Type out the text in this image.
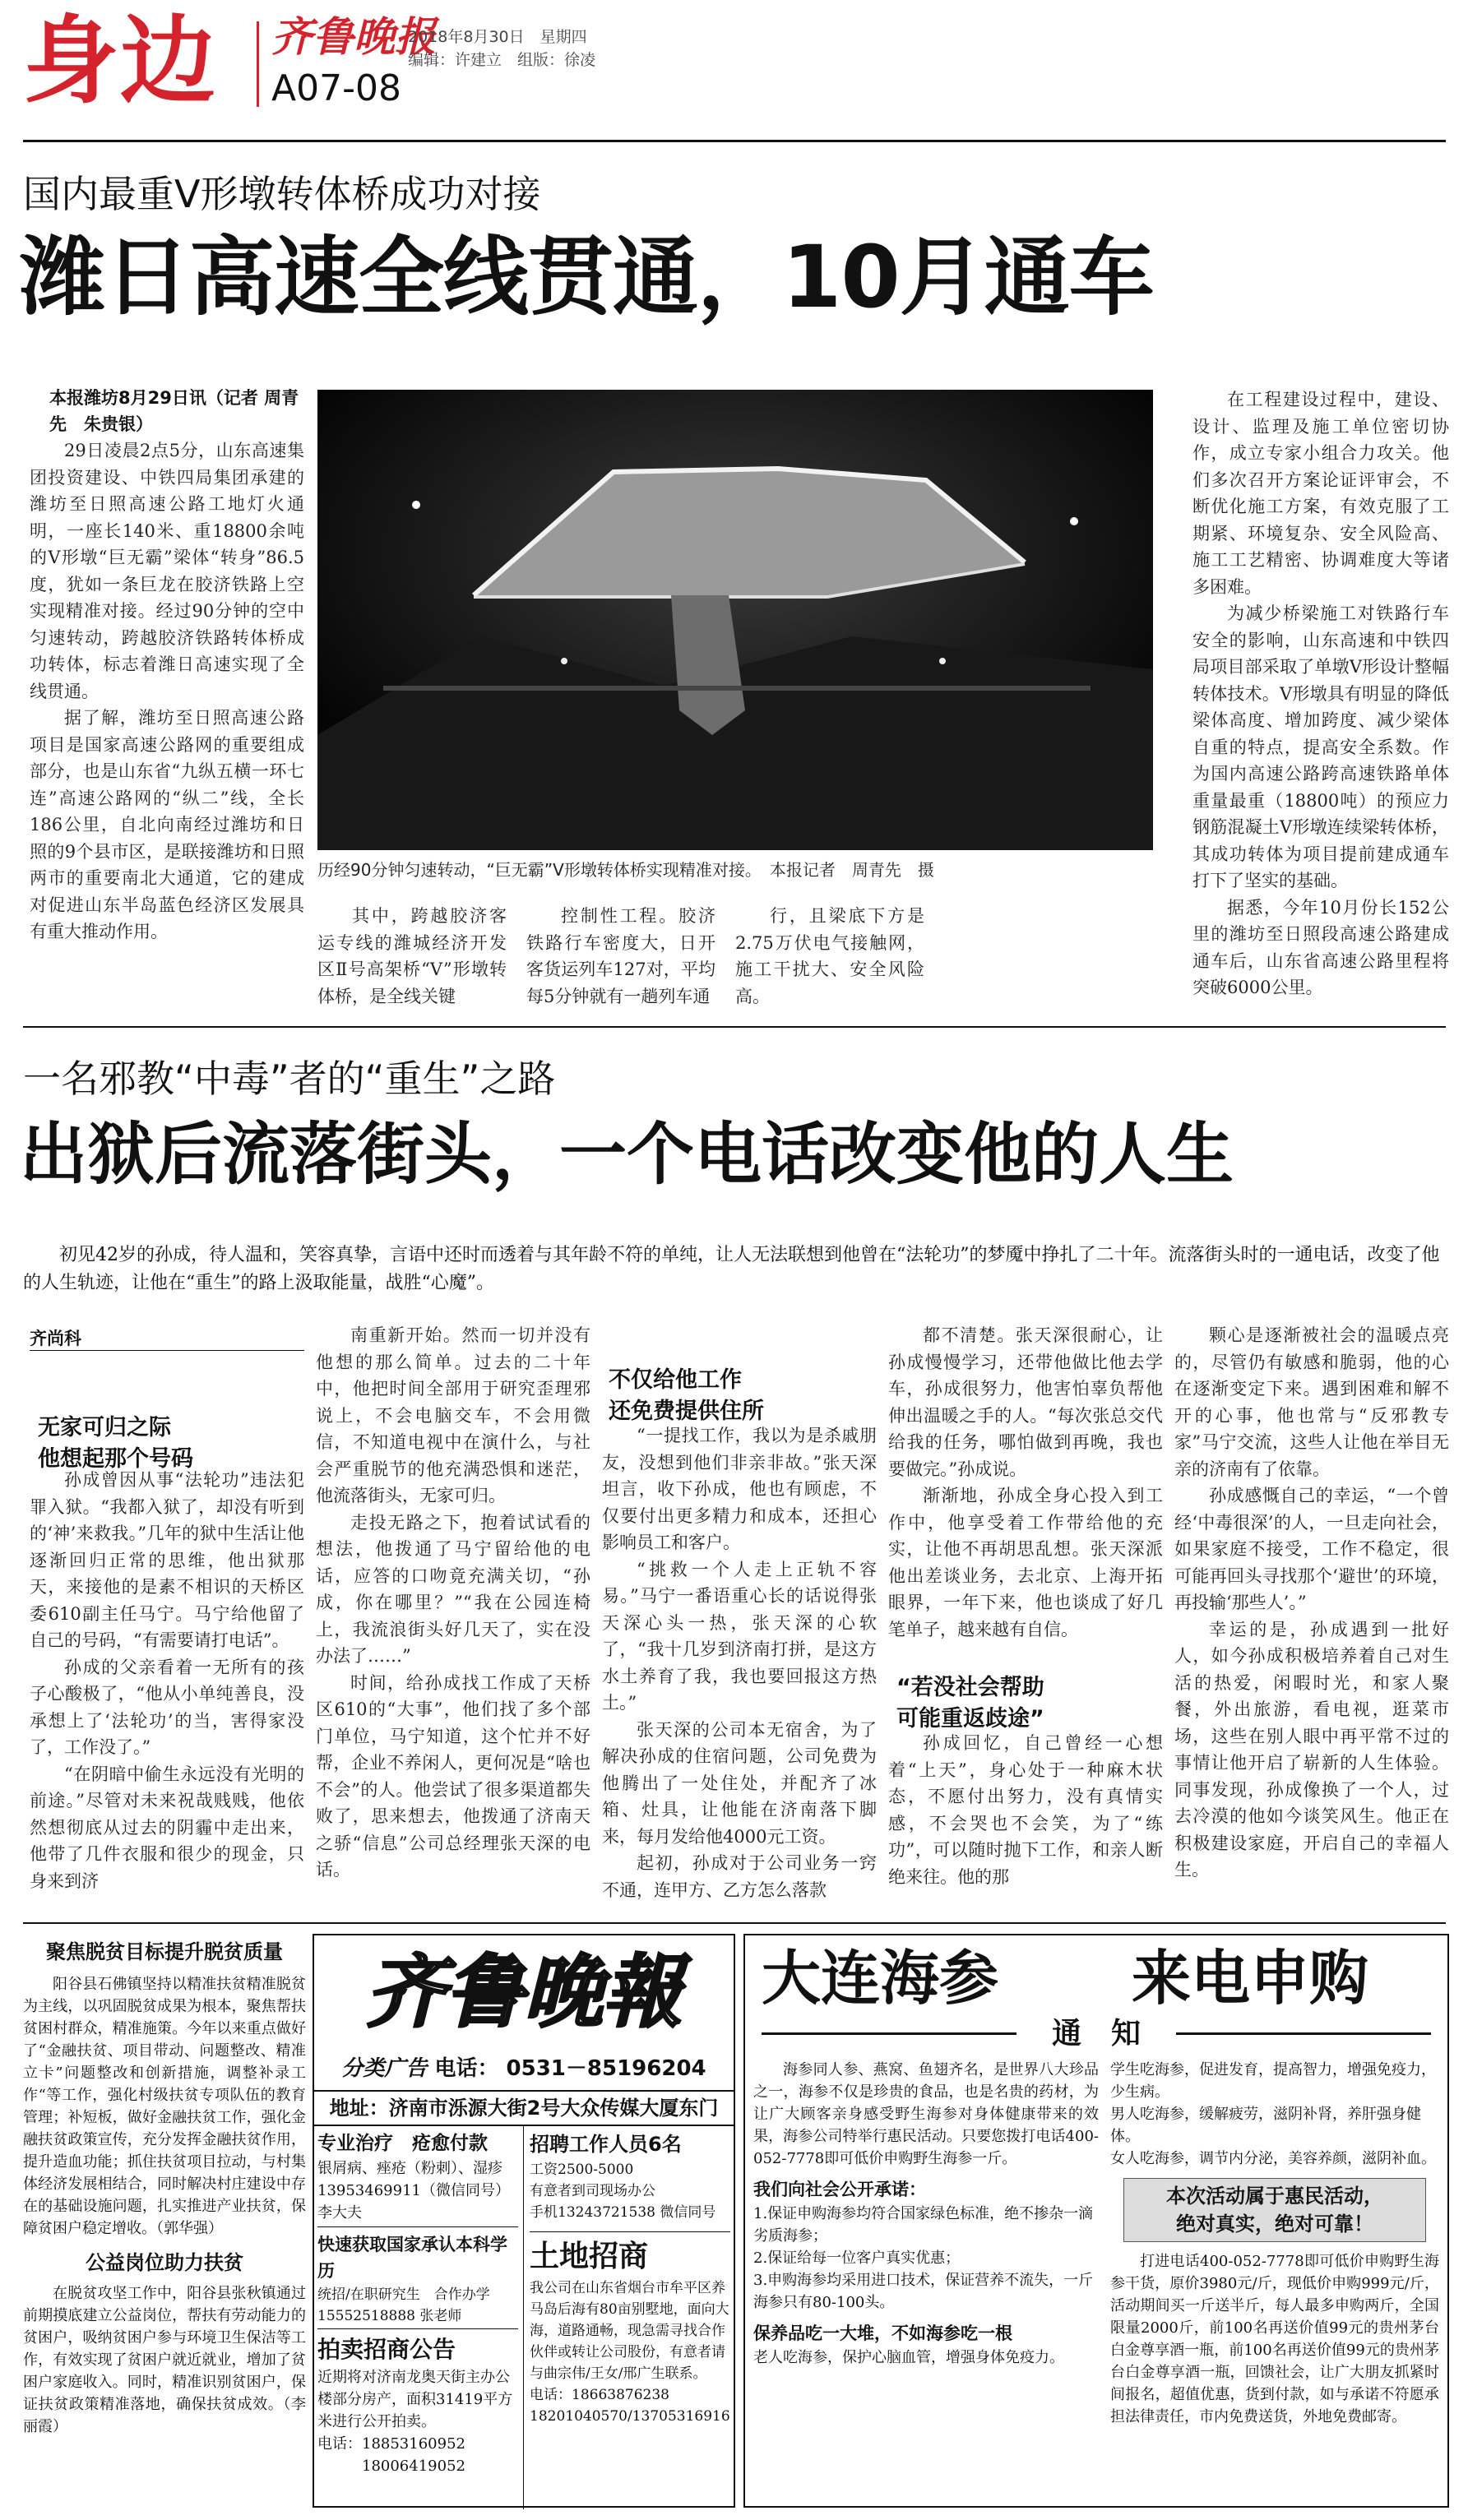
身边 齐鲁晚报
A07-08
2018年8月30日　 星期四
编辑：许建立　 组版：徐凌
国内最重V形墩转体桥成功对接
潍日高速全线贯通，10月通车
本报潍坊8月29日讯（记者 周青先　朱贵银）

29日凌晨2点5分，山东高速集团投资建设、中铁四局集团承建的潍坊至日照高速公路工地灯火通明，一座长140米、重18800余吨的V形墩“巨无霸”梁体“转身”86.5度，犹如一条巨龙在胶济铁路上空实现精准对接。经过90分钟的空中匀速转动，跨越胶济铁路转体桥成功转体，标志着潍日高速实现了全线贯通。

据了解，潍坊至日照高速公路项目是国家高速公路网的重要组成部分，也是山东省“九纵五横一环七连”高速公路网的“纵二”线，全长186公里，自北向南经过潍坊和日照的9个县市区，是联接潍坊和日照两市的重要南北大通道，它的建成对促进山东半岛蓝色经济区发展具有重大推动作用。

历经90分钟匀速转动，“巨无霸”V形墩转体桥实现精准对接。　本报记者　周青先　摄

其中，跨越胶济客运专线的潍城经济开发区Ⅱ号高架桥“V”形墩转体桥，是全线关键

控制性工程。胶济铁路行车密度大，日开客货运列车127对，平均每5分钟就有一趟列车通

行，且梁底下方是2.75万伏电气接触网，施工干扰大、安全风险高。

在工程建设过程中，建设、设计、监理及施工单位密切协作，成立专家小组合力攻关。他们多次召开方案论证评审会，不断优化施工方案，有效克服了工期紧、环境复杂、安全风险高、施工工艺精密、协调难度大等诸多困难。

为减少桥梁施工对铁路行车安全的影响，山东高速和中铁四局项目部采取了单墩V形设计整幅转体技术。V形墩具有明显的降低梁体高度、增加跨度、减少梁体自重的特点，提高安全系数。作为国内高速公路跨高速铁路单体重量最重（18800吨）的预应力钢筋混凝土V形墩连续梁转体桥，其成功转体为项目提前建成通车打下了坚实的基础。

据悉，今年10月份长152公里的潍坊至日照段高速公路建成通车后，山东省高速公路里程将突破6000公里。

一名邪教“中毒”者的“重生”之路
出狱后流落街头，一个电话改变他的人生
初见42岁的孙成，待人温和，笑容真挚，言语中还时而透着与其年龄不符的单纯，让人无法联想到他曾在“法轮功”的梦魇中挣扎了二十年。流落街头时的一通电话，改变了他的人生轨迹，让他在“重生”的路上汲取能量，战胜“心魔”。
齐尚科

无家可归之际
他想起那个号码

孙成曾因从事“法轮功”违法犯罪入狱。“我都入狱了，却没有听到的‘神’来救我。”几年的狱中生活让他逐渐回归正常的思维，他出狱那天，来接他的是素不相识的天桥区委610副主任马宁。马宁给他留了自己的号码，“有需要请打电话”。

孙成的父亲看着一无所有的孩子心酸极了，“他从小单纯善良，没承想上了‘法轮功’的当，害得家没了，工作没了。”

“在阴暗中偷生永远没有光明的前途。”尽管对未来祝哉贱贱，他依然想彻底从过去的阴霾中走出来，他带了几件衣服和很少的现金，只身来到济

南重新开始。然而一切并没有他想的那么简单。过去的二十年中，他把时间全部用于研究歪理邪说上，不会电脑交车，不会用微信，不知道电视中在演什么，与社会严重脱节的他充满恐惧和迷茫，他流落街头，无家可归。

走投无路之下，抱着试试看的想法，他拨通了马宁留给他的电话，应答的口吻竟充满关切，“孙成，你在哪里？”“我在公园连椅上，我流浪街头好几天了，实在没办法了……”

时间，给孙成找工作成了天桥区610的“大事”，他们找了多个部门单位，马宁知道，这个忙并不好帮，企业不养闲人，更何况是“啥也不会”的人。他尝试了很多渠道都失败了，思来想去，他拨通了济南天之骄“信息”公司总经理张天深的电话。

不仅给他工作
还免费提供住所

“一提找工作，我以为是杀戚朋友，没想到他们非亲非故。”张天深坦言，收下孙成，他也有顾虑，不仅要付出更多精力和成本，还担心影响员工和客户。

“挑救一个人走上正轨不容易。”马宁一番语重心长的话说得张天深心头一热，张天深的心软了，“我十几岁到济南打拼，是这方水土养育了我，我也要回报这方热土。”

张天深的公司本无宿舍，为了解决孙成的住宿问题，公司免费为他腾出了一处住处，并配齐了冰箱、灶具，让他能在济南落下脚来，每月发给他4000元工资。

起初，孙成对于公司业务一窍不通，连甲方、乙方怎么落款

都不清楚。张天深很耐心，让孙成慢慢学习，还带他做比他去学车，孙成很努力，他害怕辜负帮他伸出温暖之手的人。“每次张总交代给我的任务，哪怕做到再晚，我也要做完。”孙成说。

渐渐地，孙成全身心投入到工作中，他享受着工作带给他的充实，让他不再胡思乱想。张天深派他出差谈业务，去北京、上海开拓眼界，一年下来，他也谈成了好几笔单子，越来越有自信。

“若没社会帮助
可能重返歧途”

孙成回忆，自己曾经一心想着“上天”，身心处于一种麻木状态，不愿付出努力，没有真情实感，不会哭也不会笑，为了“练功”，可以随时抛下工作，和亲人断绝来往。他的那

颗心是逐渐被社会的温暖点亮的，尽管仍有敏感和脆弱，他的心在逐渐变定下来。遇到困难和解不开的心事，他也常与“反邪教专家”马宁交流，这些人让他在举目无亲的济南有了依靠。

孙成感慨自己的幸运，“一个曾经‘中毒很深’的人，一旦走向社会，如果家庭不接受，工作不稳定，很可能再回头寻找那个‘避世’的环境，再投输‘那些人’。”

幸运的是，孙成遇到一批好人，如今孙成积极培养着自己对生活的热爱，闲暇时光，和家人聚餐，外出旅游，看电视，逛菜市场，这些在别人眼中再平常不过的事情让他开启了崭新的人生体验。同事发现，孙成像换了一个人，过去冷漠的他如今谈笑风生。他正在积极建设家庭，开启自己的幸福人生。

聚焦脱贫目标提升脱贫质量
阳谷县石佛镇坚持以精准扶贫精准脱贫为主线，以巩固脱贫成果为根本，聚焦帮扶贫困村群众，精准施策。今年以来重点做好了“金融扶贫、项目带动、问题整改、精准立卡”问题整改和创新措施，调整补录工作“等工作，强化村级扶贫专项队伍的教育管理；补短板，做好金融扶贫工作，强化金融扶贫政策宣传，充分发挥金融扶贫作用，提升造血功能；抓住扶贫项目拉动，与村集体经济发展相结合，同时解决村庄建设中存在的基础设施问题，扎实推进产业扶贫，保障贫困户稳定增收。（郭华强）
公益岗位助力扶贫
在脱贫攻坚工作中，阳谷县张秋镇通过前期摸底建立公益岗位，帮扶有劳动能力的贫困户，吸纳贫困户参与环境卫生保洁等工作，有效实现了贫困户就近就业，增加了贫困户家庭收入。同时，精准识别贫困户，保证扶贫政策精准落地，确保扶贫成效。（李丽霞）
齐鲁晚報
分类广告 电话： 0531－85196204
地址：济南市泺源大街2号大众传媒大厦东门
专业治疗　疮愈付款
银屑病、痤疮（粉刺）、湿疹
13953469911（微信同号）李大夫
快速获取国家承认本科学历
统招/在职研究生　合作办学
15552518888 张老师
拍卖招商公告
近期将对济南龙奥天街主办公楼部分房产，面积31419平方米进行公开拍卖。
电话：18853160952
　　　18006419052
招聘工作人员6名
工资2500-5000
有意者到司现场办公
手机13243721538 微信同号
土地招商
我公司在山东省烟台市牟平区养马岛后海有80亩别墅地，面向大海，道路通畅，现急需寻找合作伙伴或转让公司股份，有意者请与曲宗伟/王女/邢广生联系。
电话：18663876238
18201040570/13705316916
大连海参 来电申购
通　知
海参同人参、燕窝、鱼翅齐名，是世界八大珍品之一，海参不仅是珍贵的食品，也是名贵的药材，为让广大顾客亲身感受野生海参对身体健康带来的效果，海参公司特举行惠民活动。只要您拨打电话400-052-7778即可低价申购野生海参一斤。
我们向社会公开承诺：
1.保证申购海参均符合国家绿色标准，绝不掺杂一滴劣质海参；
2.保证给每一位客户真实优惠；
3.申购海参均采用进口技术，保证营养不流失，一斤海参只有80-100头。
保养品吃一大堆，不如海参吃一根
老人吃海参，保护心脑血管，增强身体免疫力。
学生吃海参，促进发育，提高智力，增强免疫力，少生病。
男人吃海参，缓解疲劳，滋阴补肾，养肝强身健体。
女人吃海参，调节内分泌，美容养颜，滋阴补血。
本次活动属于惠民活动，
绝对真实，绝对可靠！
打进电话400-052-7778即可低价申购野生海参干货，原价3980元/斤，现低价申购999元/斤，活动期间买一斤送半斤，每人最多申购两斤，全国限量2000斤，前100名再送价值99元的贵州茅台白金尊享酒一瓶，前100名再送价值99元的贵州茅台白金尊享酒一瓶，回馈社会，让广大朋友抓紧时间报名，超值优惠，货到付款，如与承诺不符愿承担法律责任，市内免费送货，外地免费邮寄。
